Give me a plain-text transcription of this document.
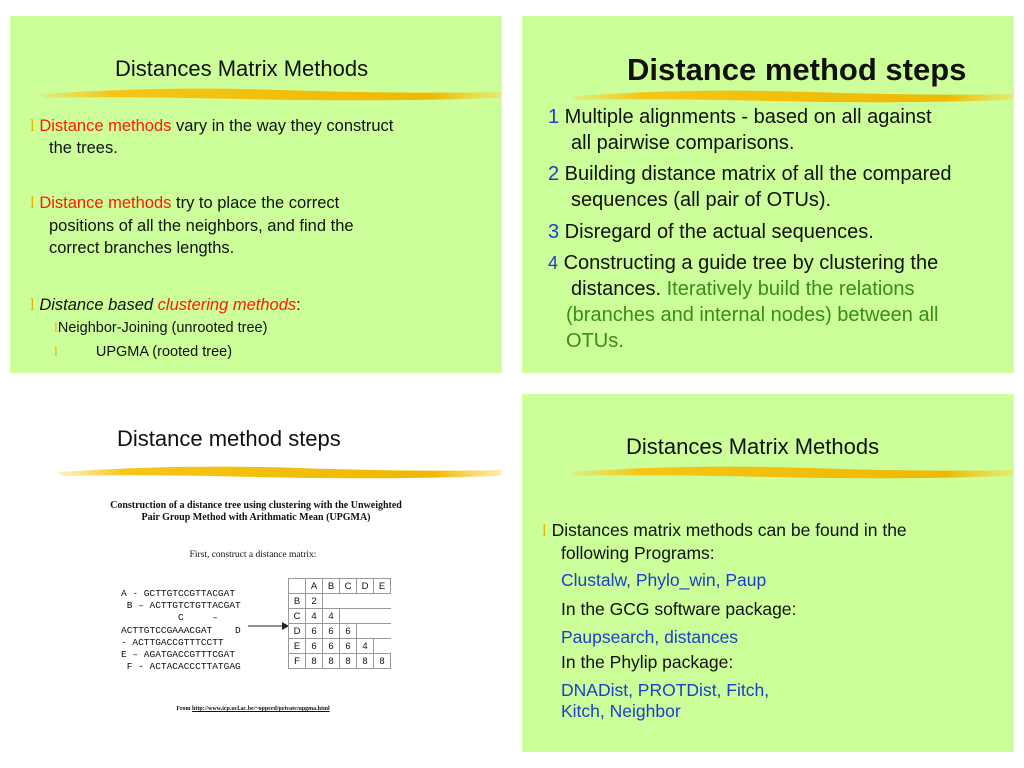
Distances Matrix Methods
l Distance methods vary in the way they construct
the trees.
l Distance methods try to place the correct
positions of all the neighbors, and find the
correct branches lengths.
l Distance based clustering methods:
lNeighbor-Joining (unrooted tree)
l	UPGMA (rooted tree)
Distance method steps
1 Multiple alignments - based on all against
all pairwise comparisons.
2 Building distance matrix of all the compared
sequences (all pair of OTUs).
3 Disregard of the actual sequences.
4 Constructing a guide tree by clustering the
distances. Iteratively build the relations
(branches and internal nodes) between all
OTUs.
Distance method steps
Construction of a distance tree using clustering with the Unweighted
Pair Group Method with Arithmatic Mean (UPGMA)
First, construct a distance matrix:
A - GCTTGTCCGTTACGAT
B – ACTTGTCTGTTACGAT
C     –
ACTTGTCCGAAACGAT    D
- ACTTGACCGTTTCCTT
E – AGATGACCGTTTCGAT
F - ACTACACCCTTATGAG
	A	B	C	D	E
B	2				
C	4	4			
D	6	6	6		
E	6	6	6	4	
F	8	8	8	8	8
From http://www.icp.ucl.ac.be/~opperd/private/upgma.html
Distances Matrix Methods
l Distances matrix methods can be found in the
following Programs:
Clustalw, Phylo_win, Paup
In the GCG software package:
Paupsearch, distances
In the Phylip package:
DNADist, PROTDist, Fitch,
Kitch, Neighbor
